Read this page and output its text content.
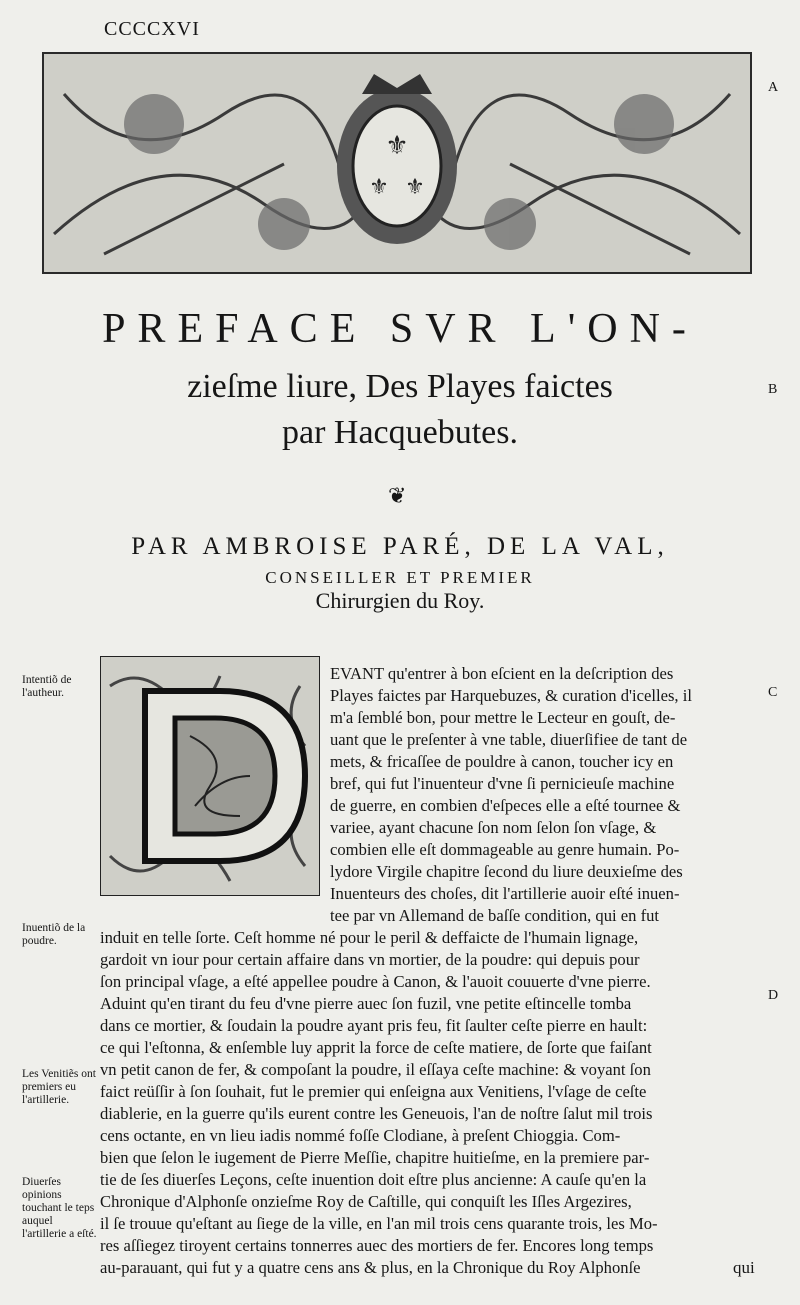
CCCCXVI
⚜
⚜ ⚜
A
B
C
D
PREFACE SVR L'ON-
zieſme liure, Des Playes faictes
par Hacquebutes.
❦
PAR AMBROISE PARÉ, DE LA VAL,
CONSEILLER ET PREMIER
Chirurgien du Roy.
Intentiõ de l'autheur.
Inuentiõ de la poudre.
Les Venitiẽs ont premiers eu l'artillerie.
Diuerſes opinions touchant le teps auquel l'artillerie a eſté.
EVANT qu'entrer à bon eſcient en la deſcription des
Playes faictes par Harquebuzes, & curation d'icelles, il
m'a ſemblé bon, pour mettre le Lecteur en gouſt, de-
uant que le preſenter à vne table, diuerſifiee de tant de
mets, & fricaſſee de pouldre à canon, toucher icy en
bref, qui fut l'inuenteur d'vne ſi pernicieuſe machine
de guerre, en combien d'eſpeces elle a eſté tournee &
variee, ayant chacune ſon nom ſelon ſon vſage, &
combien elle eſt dommageable au genre humain. Po-
lydore Virgile chapitre ſecond du liure deuxieſme des
Inuenteurs des choſes, dit l'artillerie auoir eſté inuen-
tee par vn Allemand de baſſe condition, qui en fut
induit en telle ſorte. Ceſt homme né pour le peril & deffaicte de l'humain lignage,
gardoit vn iour pour certain affaire dans vn mortier, de la poudre: qui depuis pour
ſon principal vſage, a eſté appellee poudre à Canon, & l'auoit couuerte d'vne pierre.
Aduint qu'en tirant du feu d'vne pierre auec ſon fuzil, vne petite eſtincelle tomba
dans ce mortier, & ſoudain la poudre ayant pris feu, fit ſaulter ceſte pierre en hault:
ce qui l'eſtonna, & enſemble luy apprit la force de ceſte matiere, de ſorte que faiſant
vn petit canon de fer, & compoſant la poudre, il eſſaya ceſte machine: & voyant ſon
faict reüſſir à ſon ſouhait, fut le premier qui enſeigna aux Venitiens, l'vſage de ceſte
diablerie, en la guerre qu'ils eurent contre les Geneuois, l'an de noſtre ſalut mil trois
cens octante, en vn lieu iadis nommé foſſe Clodiane, à preſent Chioggia. Com-
bien que ſelon le iugement de Pierre Meſſie, chapitre huitieſme, en la premiere par-
tie de ſes diuerſes Leçons, ceſte inuention doit eſtre plus ancienne: A cauſe qu'en la
Chronique d'Alphonſe onzieſme Roy de Caſtille, qui conquiſt les Iſles Argezires,
il ſe trouue qu'eſtant au ſiege de la ville, en l'an mil trois cens quarante trois, les Mo-
res aſſiegez tiroyent certains tonnerres auec des mortiers de fer. Encores long temps
au-parauant, qui fut y a quatre cens ans & plus, en la Chronique du Roy Alphonſe	qui
